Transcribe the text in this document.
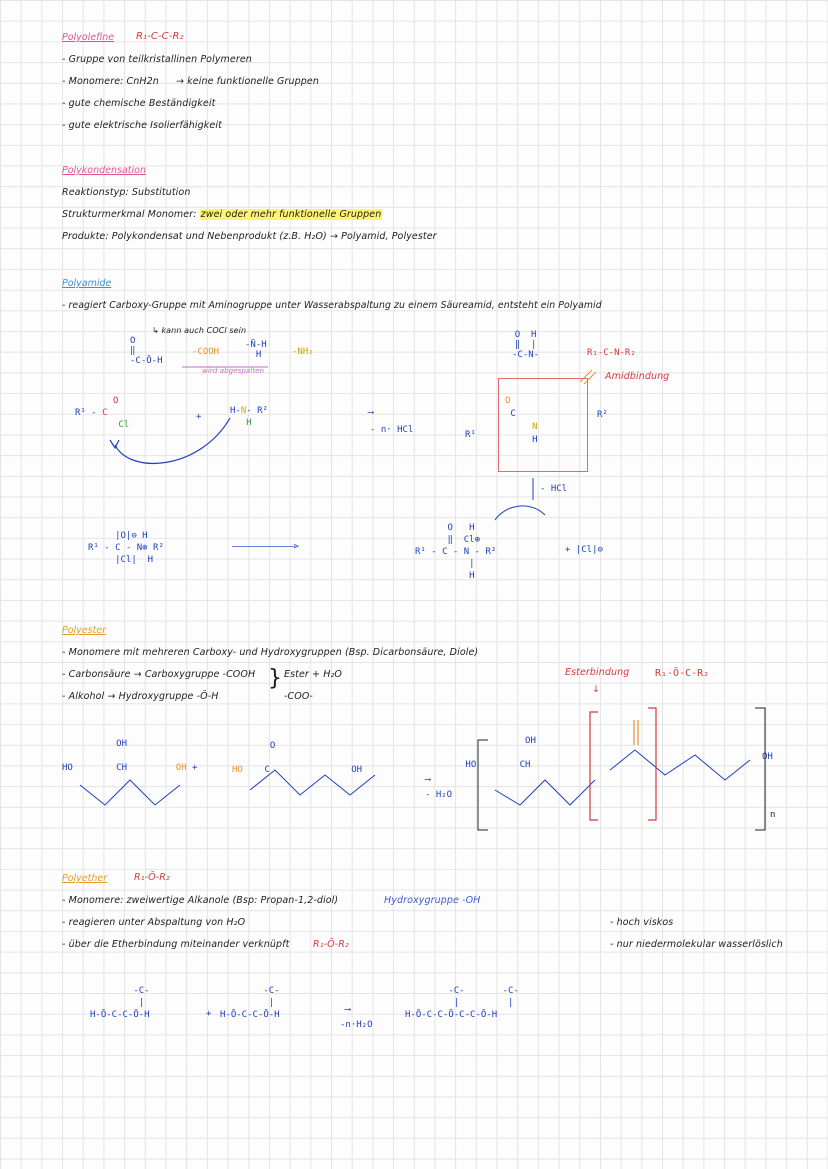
Polyolefine R₁-C-C-R₂
- Gruppe von teilkristallinen Polymeren
- Monomere: CnH2n → keine funktionelle Gruppen
- gute chemische Beständigkeit
- gute elektrische Isolierfähigkeit
Polykondensation
Reaktionstyp: Substitution
Strukturmerkmal Monomer: zwei oder mehr funktionelle Gruppen
Produkte: Polykondensat und Nebenprodukt (z.B. H₂O) → Polyamid, Polyester
Polyamide
- reagiert Carboxy-Gruppe mit Aminogruppe unter Wasserabspaltung zu einem Säureamid, entsteht ein Polyamid
↳ kann auch COCl sein
O
‖
-C-Ō-H
-COOH
-N̄-H
H	-NH₂
wird abgespalten
O  H
‖  |
-C-N-	R₁-C-N-R₂
Amidbindung
O
R¹ - C
Cl
+
H-N- R²
H
⟶
- n· HCl	R¹
O
C
N
H
R²
- HCl
|O|⊖ H
R¹ - C - N⊕ R²
|Cl|  H
——————————————————>
O   H
‖  Cl⊕
R¹ - C - N - R²
|
H
+ |Cl|⊖
Polyester
- Monomere mit mehreren Carboxy- und Hydroxygruppen (Bsp. Dicarbonsäure, Diole)
- Carbonsäure → Carboxygruppe -COOH
- Alkohol → Hydroxygruppe -Ō-H
} Ester + H₂O
-COO-
Esterbindung
↓
R₁-Ō-C-R₂
OH

HO        CH         OH +
O

HO    C               OH
⟶
- H₂O
OH

HO        CH
OH
n
Polyether	R₁-Ō-R₂
- Monomere: zweiwertige Alkanole (Bsp: Propan-1,2-diol)	Hydroxygruppe -OH
- reagieren unter Abspaltung von H₂O
- über die Etherbindung miteinander verknüpft R₁-Ō-R₂
- hoch viskos
- nur niedermolekular wasserlöslich
-C-
|
H-Ō-C-C-Ō-H	+
-C-
|
H-Ō-C-C-Ō-H	⟶
-n·H₂O
-C-       -C-
|         |
H-Ō-C-C-Ō-C-C-Ō-H
